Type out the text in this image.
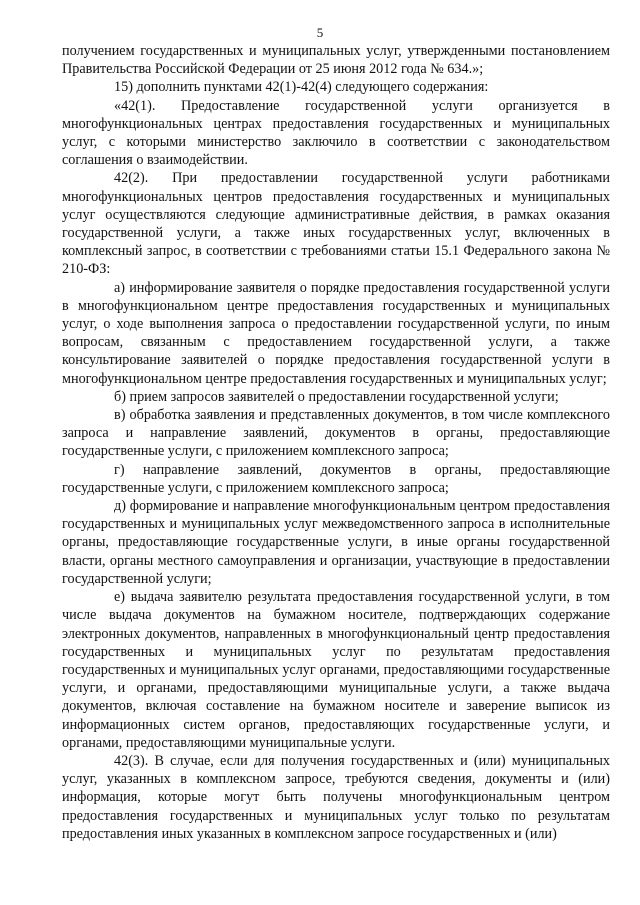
5

получением государственных и муниципальных услуг, утвержденными постановлением Правительства Российской Федерации от 25 июня 2012 года № 634.»;

15) дополнить пунктами 42(1)-42(4) следующего содержания:

«42(1). Предоставление государственной услуги организуется в многофункциональных центрах предоставления государственных и муниципальных услуг, с которыми министерство заключило в соответствии с законодательством соглашения о взаимодействии.

42(2). При предоставлении государственной услуги работниками многофункциональных центров предоставления государственных и муниципальных услуг осуществляются следующие административные действия, в рамках оказания государственной услуги, а также иных государственных услуг, включенных в комплексный запрос, в соответствии с требованиями статьи 15.1 Федерального закона № 210-ФЗ:

а) информирование заявителя о порядке предоставления государственной услуги в многофункциональном центре предоставления государственных и муниципальных услуг, о ходе выполнения запроса о предоставлении государственной услуги, по иным вопросам, связанным с предоставлением государственной услуги, а также консультирование заявителей о порядке предоставления государственной услуги в многофункциональном центре предоставления государственных и муниципальных услуг;

б) прием запросов заявителей о предоставлении государственной услуги;

в) обработка заявления и представленных документов, в том числе комплексного запроса и направление заявлений, документов в органы, предоставляющие государственные услуги, с приложением комплексного запроса;

г) направление заявлений, документов в органы, предоставляющие государственные услуги, с приложением комплексного запроса;

д) формирование и направление многофункциональным центром предоставления государственных и муниципальных услуг межведомственного запроса в исполнительные органы, предоставляющие государственные услуги, в иные органы государственной власти, органы местного самоуправления и организации, участвующие в предоставлении государственной услуги;

е) выдача заявителю результата предоставления государственной услуги, в том числе выдача документов на бумажном носителе, подтверждающих содержание электронных документов, направленных в многофункциональный центр предоставления государственных и муниципальных услуг по результатам предоставления государственных и муниципальных услуг органами, предоставляющими государственные услуги, и органами, предоставляющими муниципальные услуги, а также выдача документов, включая составление на бумажном носителе и заверение выписок из информационных систем органов, предоставляющих государственные услуги, и органами, предоставляющими муниципальные услуги.

42(3). В случае, если для получения государственных и (или) муниципальных услуг, указанных в комплексном запросе, требуются сведения, документы и (или) информация, которые могут быть получены многофункциональным центром предоставления государственных и муниципальных услуг только по результатам предоставления иных указанных в комплексном запросе государственных и (или)
